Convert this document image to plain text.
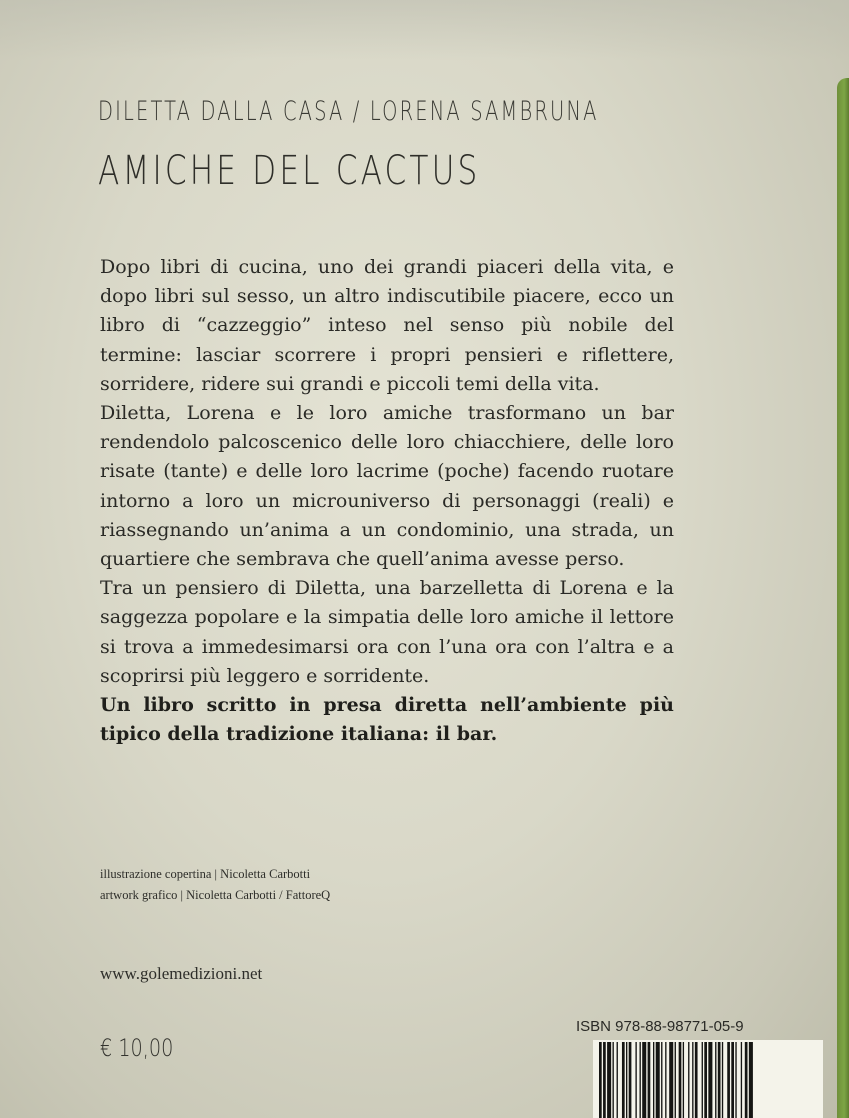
DILETTA DALLA CASA / LORENA SAMBRUNA
AMICHE DEL CACTUS

Dopo libri di cucina, uno dei grandi piaceri della vita, e dopo libri sul sesso, un altro indiscutibile piacere, ecco un libro di “cazzeggio” inteso nel senso più nobile del termine: lasciar scorrere i propri pensieri e riflettere, sorridere, ridere sui grandi e piccoli temi della vita.

Diletta, Lorena e le loro amiche trasformano un bar rendendolo palcoscenico delle loro chiacchiere, delle loro risate (tante) e delle loro lacrime (poche) facendo ruotare intorno a loro un microuniverso di personaggi (reali) e riassegnando un’anima a un condominio, una strada, un quartiere che sembrava che quell’anima avesse perso.

Tra un pensiero di Diletta, una barzelletta di Lorena e la saggezza popolare e la simpatia delle loro amiche il lettore si trova a immedesimarsi ora con l’una ora con l’altra e a scoprirsi più leggero e sorridente.

Un libro scritto in presa diretta nell’ambiente più tipico della tradizione italiana: il bar.

illustrazione copertina | Nicoletta Carbotti
artwork grafico | Nicoletta Carbotti / FattoreQ
www.golemedizioni.net
€ 10,00
ISBN 978-88-98771-05-9
